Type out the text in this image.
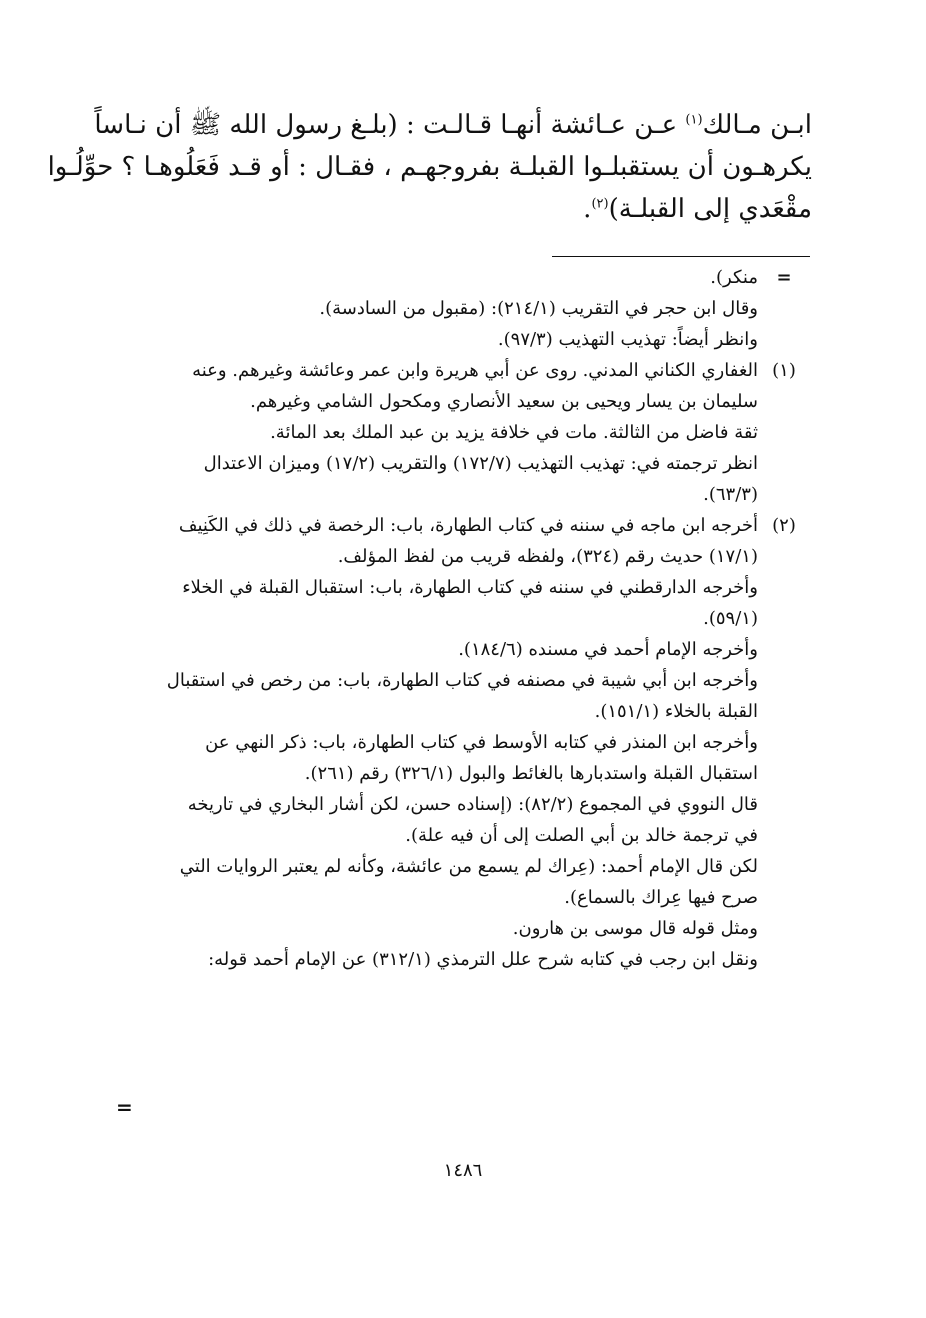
ابـن مـالك$^{(١)}$ عـن عـائشة أنهـا قـالـت : (بلـغ رسول الله ﷺ أن نـاساً
يكرهـون أن يستقبلـوا القبلـة بفروجهـم ، فقـال : أو قـد فَعَلُوهـا ؟ حوِّلُـوا
مقْعَدي إلى القبلـة)$^{(٢)}$.
=
منكر).
وقال ابن حجر في التقريب (٢١٤/١): (مقبول من السادسة).
وانظر أيضاً: تهذيب التهذيب (٩٧/٣).
(١)
الغفاري الكناني المدني. روى عن أبي هريرة وابن عمر وعائشة وغيرهم. وعنه
سليمان بن يسار ويحيى بن سعيد الأنصاري ومكحول الشامي وغيرهم.
ثقة فاضل من الثالثة. مات في خلافة يزيد بن عبد الملك بعد المائة.
انظر ترجمته في: تهذيب التهذيب (١٧٢/٧) والتقريب (١٧/٢) وميزان الاعتدال
(٦٣/٣).
(٢)
أخرجه ابن ماجه في سننه في كتاب الطهارة، باب: الرخصة في ذلك في الكَنِيف
(١٧/١) حديث رقم (٣٢٤)، ولفظه قريب من لفظ المؤلف.
وأخرجه الدارقطني في سننه في كتاب الطهارة، باب: استقبال القبلة في الخلاء
(٥٩/١).
وأخرجه الإمام أحمد في مسنده (١٨٤/٦).
وأخرجه ابن أبي شيبة في مصنفه في كتاب الطهارة، باب: من رخص في استقبال
القبلة بالخلاء (١٥١/١).
وأخرجه ابن المنذر في كتابه الأوسط في كتاب الطهارة، باب: ذكر النهي عن
استقبال القبلة واستدبارها بالغائط والبول (٣٢٦/١) رقم (٢٦١).
قال النووي في المجموع (٨٢/٢): (إسناده حسن، لكن أشار البخاري في تاريخه
في ترجمة خالد بن أبي الصلت إلى أن فيه علة).
لكن قال الإمام أحمد: (عِراك لم يسمع من عائشة، وكأنه لم يعتبر الروايات التي
صرح فيها عِراك بالسماع).
ومثل قوله قال موسى بن هارون.
ونقل ابن رجب في كتابه شرح علل الترمذي (٣١٢/١) عن الإمام أحمد قوله:
=
١٤٨٦
